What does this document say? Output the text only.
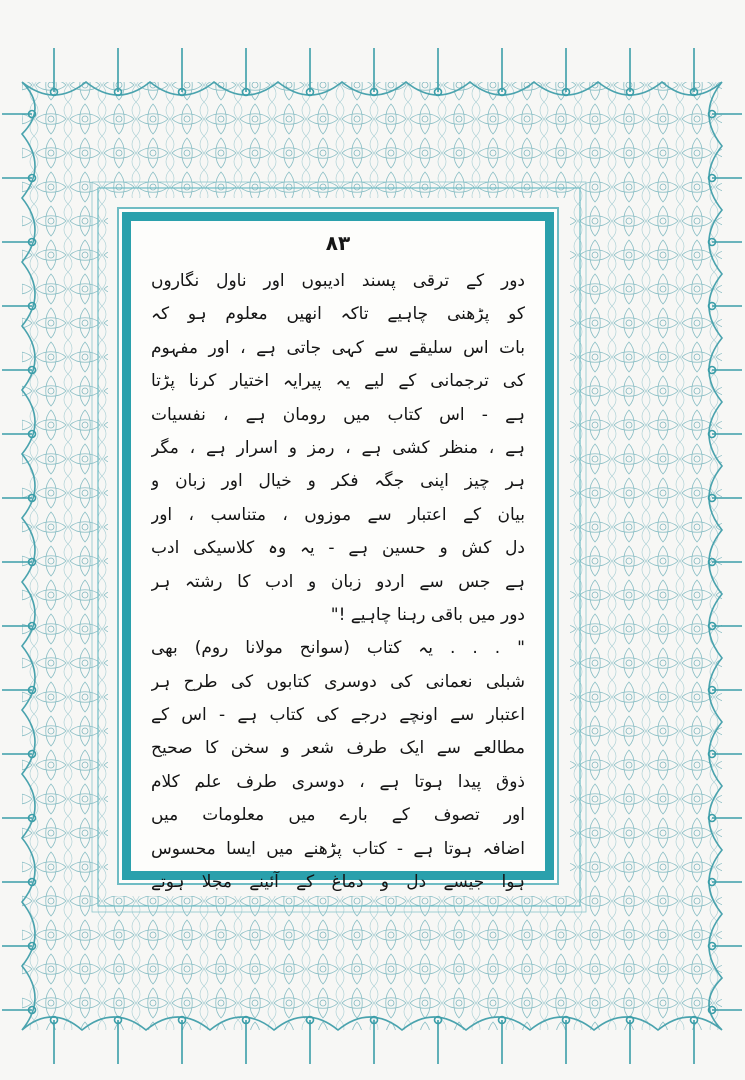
۸۳
دور کے ترقی پسند ادیبوں اور ناول نگاروں
کو پڑھنی چاہیے تاکہ انھیں معلوم ہو کہ
بات اس سلیقے سے کہی جاتی ہے ، اور مفہوم
کی ترجمانی کے لیے یہ پیرایہ اختیار کرنا پڑتا
ہے - اس کتاب میں رومان ہے ، نفسیات
ہے ، منظر کشی ہے ، رمز و اسرار ہے ، مگر
ہر چیز اپنی جگہ فکر و خیال اور زبان و
بیان کے اعتبار سے موزوں ، متناسب ، اور
دل کش و حسین ہے - یہ وہ کلاسیکی ادب
ہے جس سے اردو زبان و ادب کا رشتہ ہر
دور میں باقی رہنا چاہیے !"
" . . . یہ کتاب (سوانح مولانا روم) بھی
شبلی نعمانی کی دوسری کتابوں کی طرح ہر
اعتبار سے اونچے درجے کی کتاب ہے - اس کے
مطالعے سے ایک طرف شعر و سخن کا صحیح
ذوق پیدا ہوتا ہے ، دوسری طرف علم کلام
اور تصوف کے بارے میں معلومات میں
اضافہ ہوتا ہے - کتاب پڑھنے میں ایسا محسوس
ہوا جیسے دل و دماغ کے آئینے مجلا ہوتے
